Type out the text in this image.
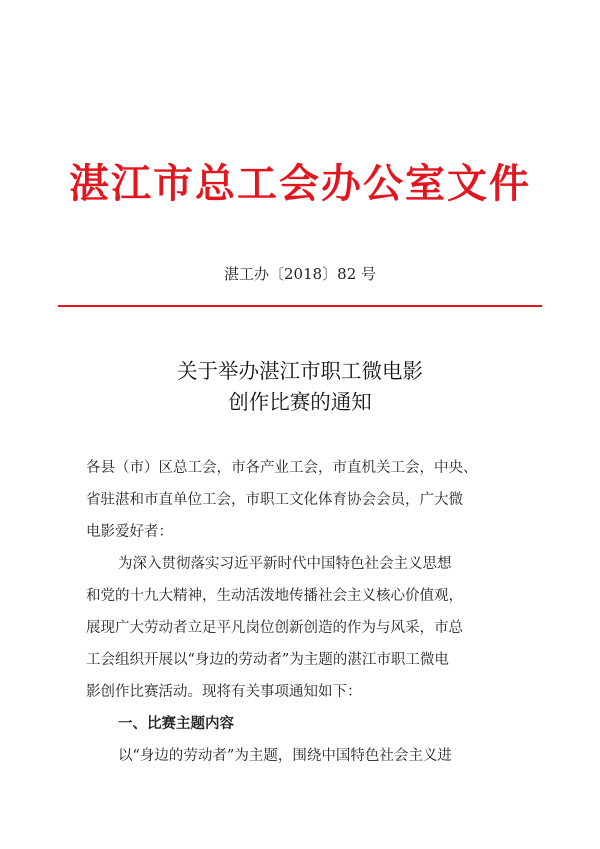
湛江市总工会办公室文件
湛工办〔2018〕82 号
关于举办湛江市职工微电影
创作比赛的通知
各县（市）区总工会，市各产业工会，市直机关工会，中央、
省驻湛和市直单位工会，市职工文化体育协会会员，广大微
电影爱好者：
为深入贯彻落实习近平新时代中国特色社会主义思想
和党的十九大精神，生动活泼地传播社会主义核心价值观，
展现广大劳动者立足平凡岗位创新创造的作为与风采，市总
工会组织开展以“身边的劳动者”为主题的湛江市职工微电
影创作比赛活动。现将有关事项通知如下：
一、比赛主题内容
以“身边的劳动者”为主题，围绕中国特色社会主义进
